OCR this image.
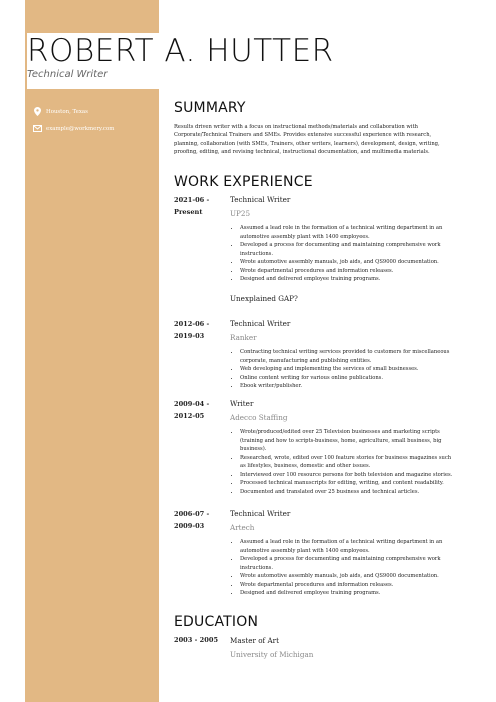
Houston, Texas
example@workmery.com
ROBERT A. HUTTER
Technical Writer
SUMMARY
Results driven writer with a focus on instructional methods/materials and collaboration with
Corporate/Technical Trainers and SMEs. Provides extensive successful experience with research,
planning, collaboration (with SMEs, Trainers, other writers, learners), development, design, writing,
proofing, editing, and revising technical, instructional documentation, and multimedia materials.
WORK EXPERIENCE
2021-06 -
Present
Technical Writer
UP25
• Assumed a lead role in the formation of a technical writing department in an
automotive assembly plant with 1400 employees.
• Developed a process for documenting and maintaining comprehensive work
instructions.
• Wrote automotive assembly manuals, job aids, and QS9000 documentation.
• Wrote departmental procedures and information releases.
• Designed and delivered employee training programs.
Unexplained GAP?
2012-06 -
2019-03
Technical Writer
Ranker
• Contracting technical writing services provided to customers for miscellaneous
corporate, manufacturing and publishing entities.
• Web developing and implementing the services of small businesses.
• Online content writing for various online publications.
• Ebook writer/publisher.
2009-04 -
2012-05
Writer
Adecco Staffing
• Wrote/produced/edited over 25 Television businesses and marketing scripts
(training and how to scripts-business, home, agriculture, small business, big
business).
• Researched, wrote, edited over 100 feature stories for business magazines such
as lifestyles, business, domestic and other issues.
• Interviewed over 100 resource persons for both television and magazine stories.
• Processed technical manuscripts for editing, writing, and content readability.
• Documented and translated over 25 business and technical articles.
2006-07 -
2009-03
Technical Writer
Artech
• Assumed a lead role in the formation of a technical writing department in an
automotive assembly plant with 1400 employees.
• Developed a process for documenting and maintaining comprehensive work
instructions.
• Wrote automotive assembly manuals, job aids, and QS9000 documentation.
• Wrote departmental procedures and information releases.
• Designed and delivered employee training programs.
EDUCATION
2003 - 2005 Master of Art
University of Michigan
